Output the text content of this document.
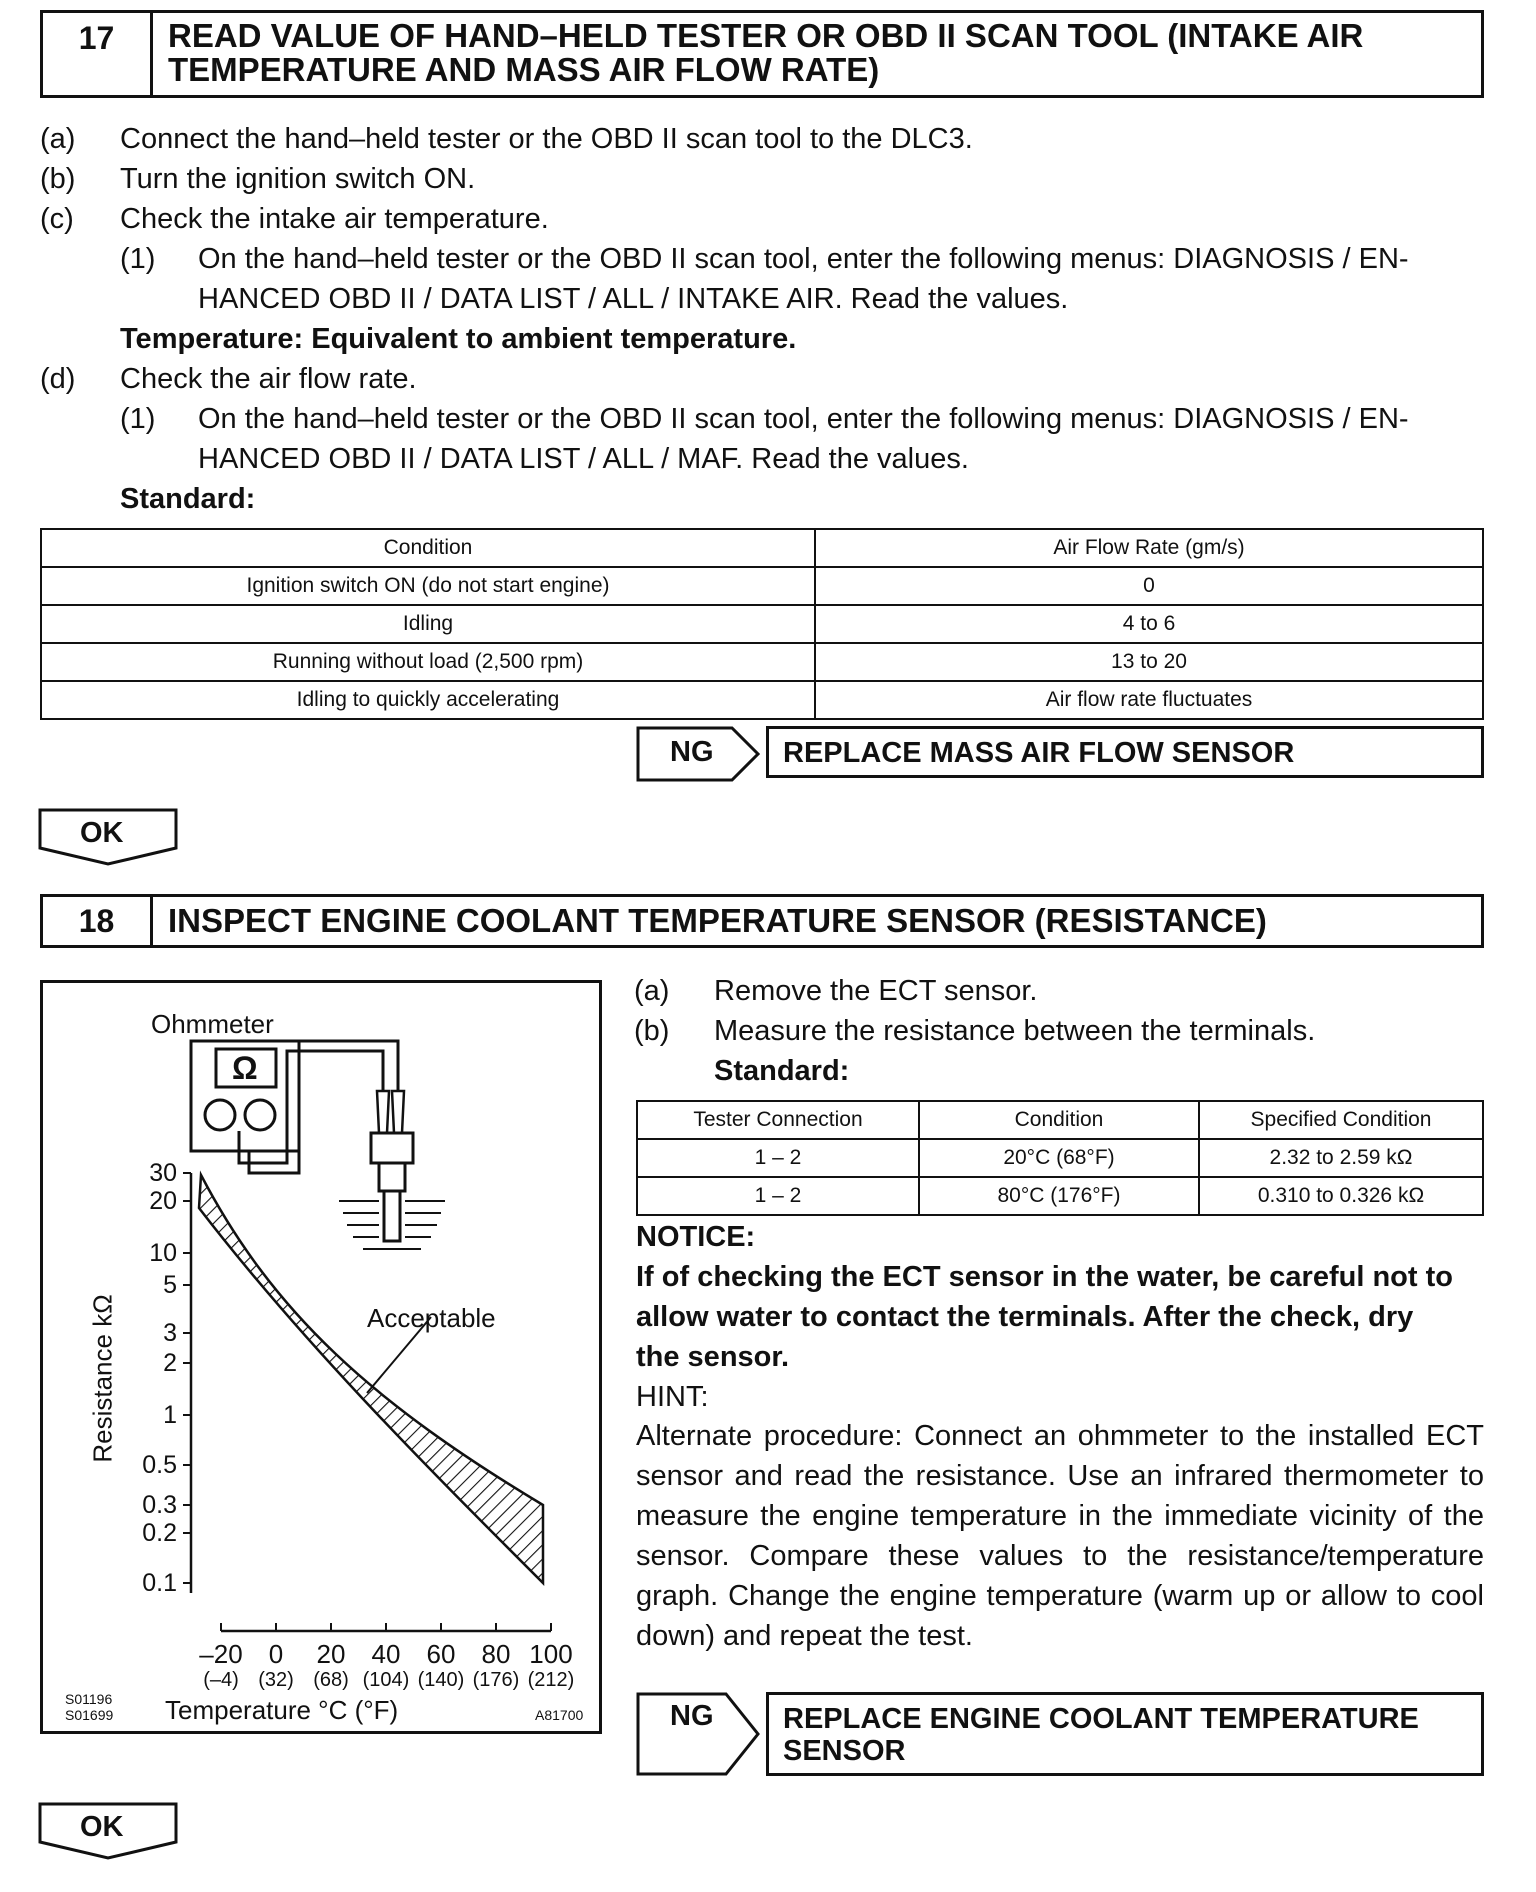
17	READ VALUE OF HAND–HELD TESTER OR OBD II SCAN TOOL (INTAKE AIR
TEMPERATURE AND MASS AIR FLOW RATE)
(a) Connect the hand–held tester or the OBD II scan tool to the DLC3.
(b) Turn the ignition switch ON.
(c) Check the intake air temperature.
(1) On the hand–held tester or the OBD II scan tool, enter the following menus: DIAGNOSIS / EN-
HANCED OBD II / DATA LIST / ALL / INTAKE AIR. Read the values.
Temperature: Equivalent to ambient temperature.
(d) Check the air flow rate.
(1) On the hand–held tester or the OBD II scan tool, enter the following menus: DIAGNOSIS / EN-
HANCED OBD II / DATA LIST / ALL / MAF. Read the values.
Standard:
Condition	Air Flow Rate (gm/s)
Ignition switch ON (do not start engine)	0
Idling	4 to 6
Running without load (2,500 rpm)	13 to 20
Idling to quickly accelerating	Air flow rate fluctuates
NG REPLACE MASS AIR FLOW SENSOR
OK
18	INSPECT ENGINE COOLANT TEMPERATURE SENSOR (RESISTANCE)
Ohmmeter
Ω
30
20
10
5
3
2
1
0.5
0.3
0.2
0.1
Resistance kΩ	Acceptable
–20	0	20	40	60	80 100
(–4) (32) (68) (104) (140) (176) (212)
Temperature °C (°F)
S01196
S01699	A81700
(a) Remove the ECT sensor.
(b) Measure the resistance between the terminals.
Standard:
Tester Connection	Condition	Specified Condition
1 – 2	20°C (68°F)	2.32 to 2.59 kΩ
1 – 2	80°C (176°F)	0.310 to 0.326 kΩ
NOTICE:
If of checking the ECT sensor in the water, be careful not to
allow water to contact the terminals. After the check, dry
the sensor.
HINT:
Alternate procedure: Connect an ohmmeter to the installed ECT sensor and read the resistance. Use an infrared thermometer to measure the engine temperature in the immediate vicinity of the sensor. Compare these values to the resistance/temperature graph. Change the engine temperature (warm up or allow to cool down) and repeat the test.
NG REPLACE ENGINE COOLANT TEMPERATURE
SENSOR
OK
